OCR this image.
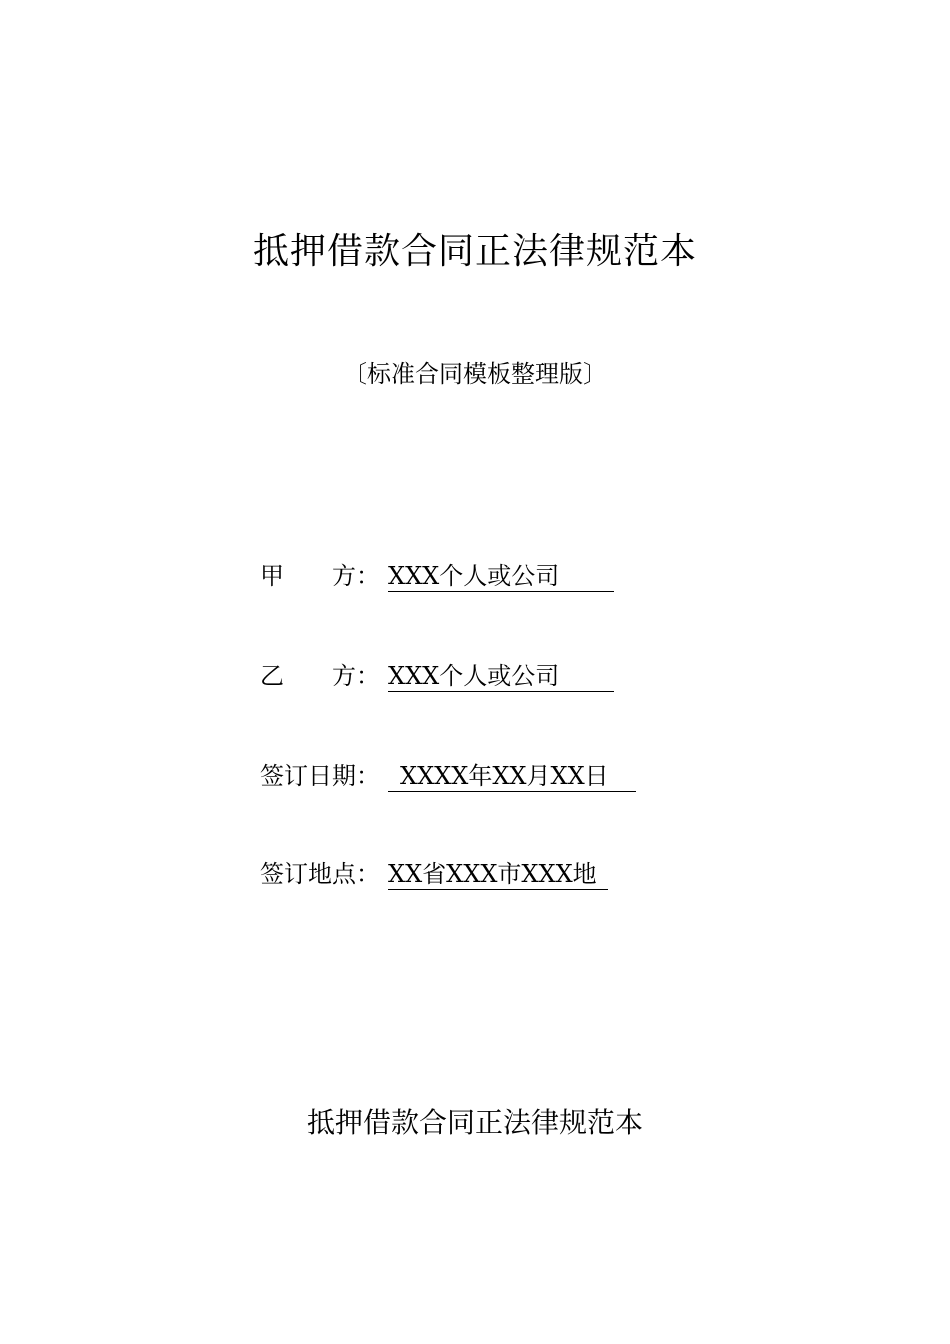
抵押借款合同正法律规范本
〔标准合同模板整理版〕
甲　　方： XXX个人或公司
乙　　方： XXX个人或公司
签订日期： XXXX年XX月XX日
签订地点： XX省XXX市XXX地
抵押借款合同正法律规范本
